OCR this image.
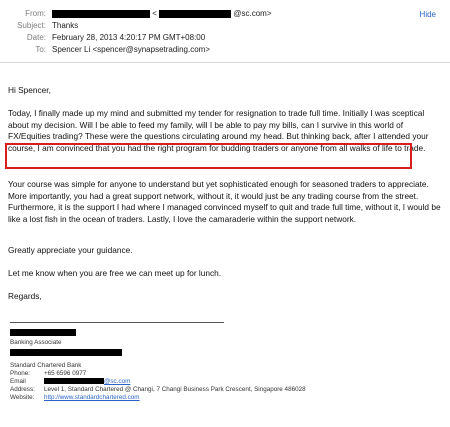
From:	<	@sc.com>
Subject: Thanks
Date: February 28, 2013 4:20:17 PM GMT+08:00
To: Spencer Li <spencer@synapsetrading.com>
Hide

Hi Spencer,

Today, I finally made up my mind and submitted my tender for resignation to trade full time. Initially I was sceptical about my decision. Will I be able to feed my family, will I be able to pay my bills, can I survive in this world of FX/Equities trading? These were the questions circulating around my head. But thinking back, after I attended your course, I am convinced that you had the right program for budding traders or anyone from all walks of life to trade.

Your course was simple for anyone to understand but yet sophisticated enough for seasoned traders to appreciate. More importantly, you had a great support network, without it, it would just be any trading course from the street. Furthermore, it is the support I had where I managed convinced myself to quit and trade full time, without it, I would be like a lost fish in the ocean of traders. Lastly, I love the camaraderie within the support network.

Greatly appreciate your guidance.

Let me know when you are free we can meet up for lunch.

Regards,

Banking Associate
Standard Chartered Bank
Phone: +65 6596 0977
Email	@sc.com
Address: Level 1, Standard Chartered @ Changi, 7 Changi Business Park Crescent, Singapore 486028
Website: http://www.standardchartered.com
